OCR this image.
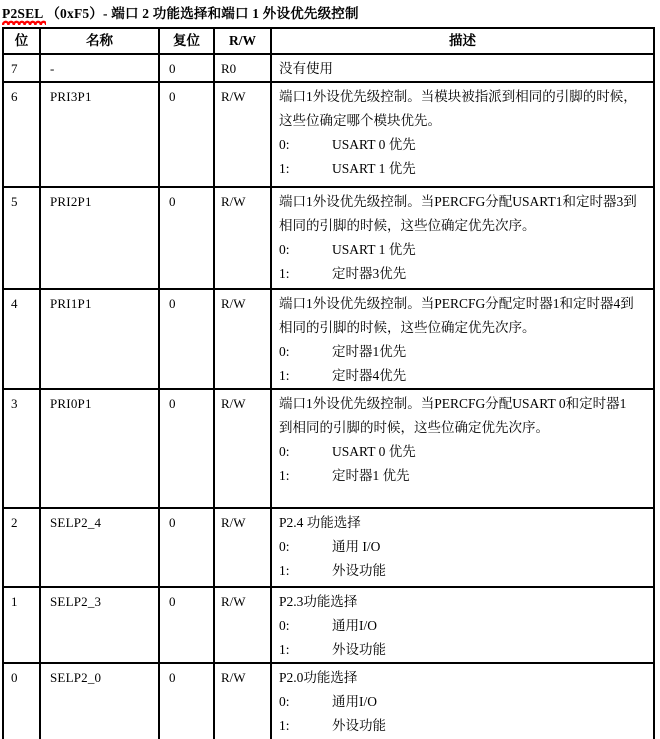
P2SEL （0xF5）- 端口 2 功能选择和端口 1 外设优先级控制
位	名称	复位	R/W	描述
7	-	0	R0	没有使用

6	PRI3P1	0	R/W	端口1外设优先级控制。当模块被指派到相同的引脚的时候，
这些位确定哪个模块优先。
0: USART 0 优先
1: USART 1 优先

5	PRI2P1	0	R/W	端口1外设优先级控制。当PERCFG分配USART1和定时器3到
相同的引脚的时候，这些位确定优先次序。
0: USART 1 优先
1: 定时器3优先

4	PRI1P1	0	R/W	端口1外设优先级控制。当PERCFG分配定时器1和定时器4到
相同的引脚的时候，这些位确定优先次序。
0: 定时器1优先
1: 定时器4优先

3	PRI0P1	0	R/W	端口1外设优先级控制。当PERCFG分配USART 0和定时器1
到相同的引脚的时候，这些位确定优先次序。
0: USART 0 优先
1: 定时器1 优先

2	SELP2_4	0	R/W	P2.4 功能选择
0: 通用 I/O
1: 外设功能

1	SELP2_3	0	R/W	P2.3功能选择
0: 通用I/O
1: 外设功能

0	SELP2_0	0	R/W	P2.0功能选择
0: 通用I/O
1: 外设功能
